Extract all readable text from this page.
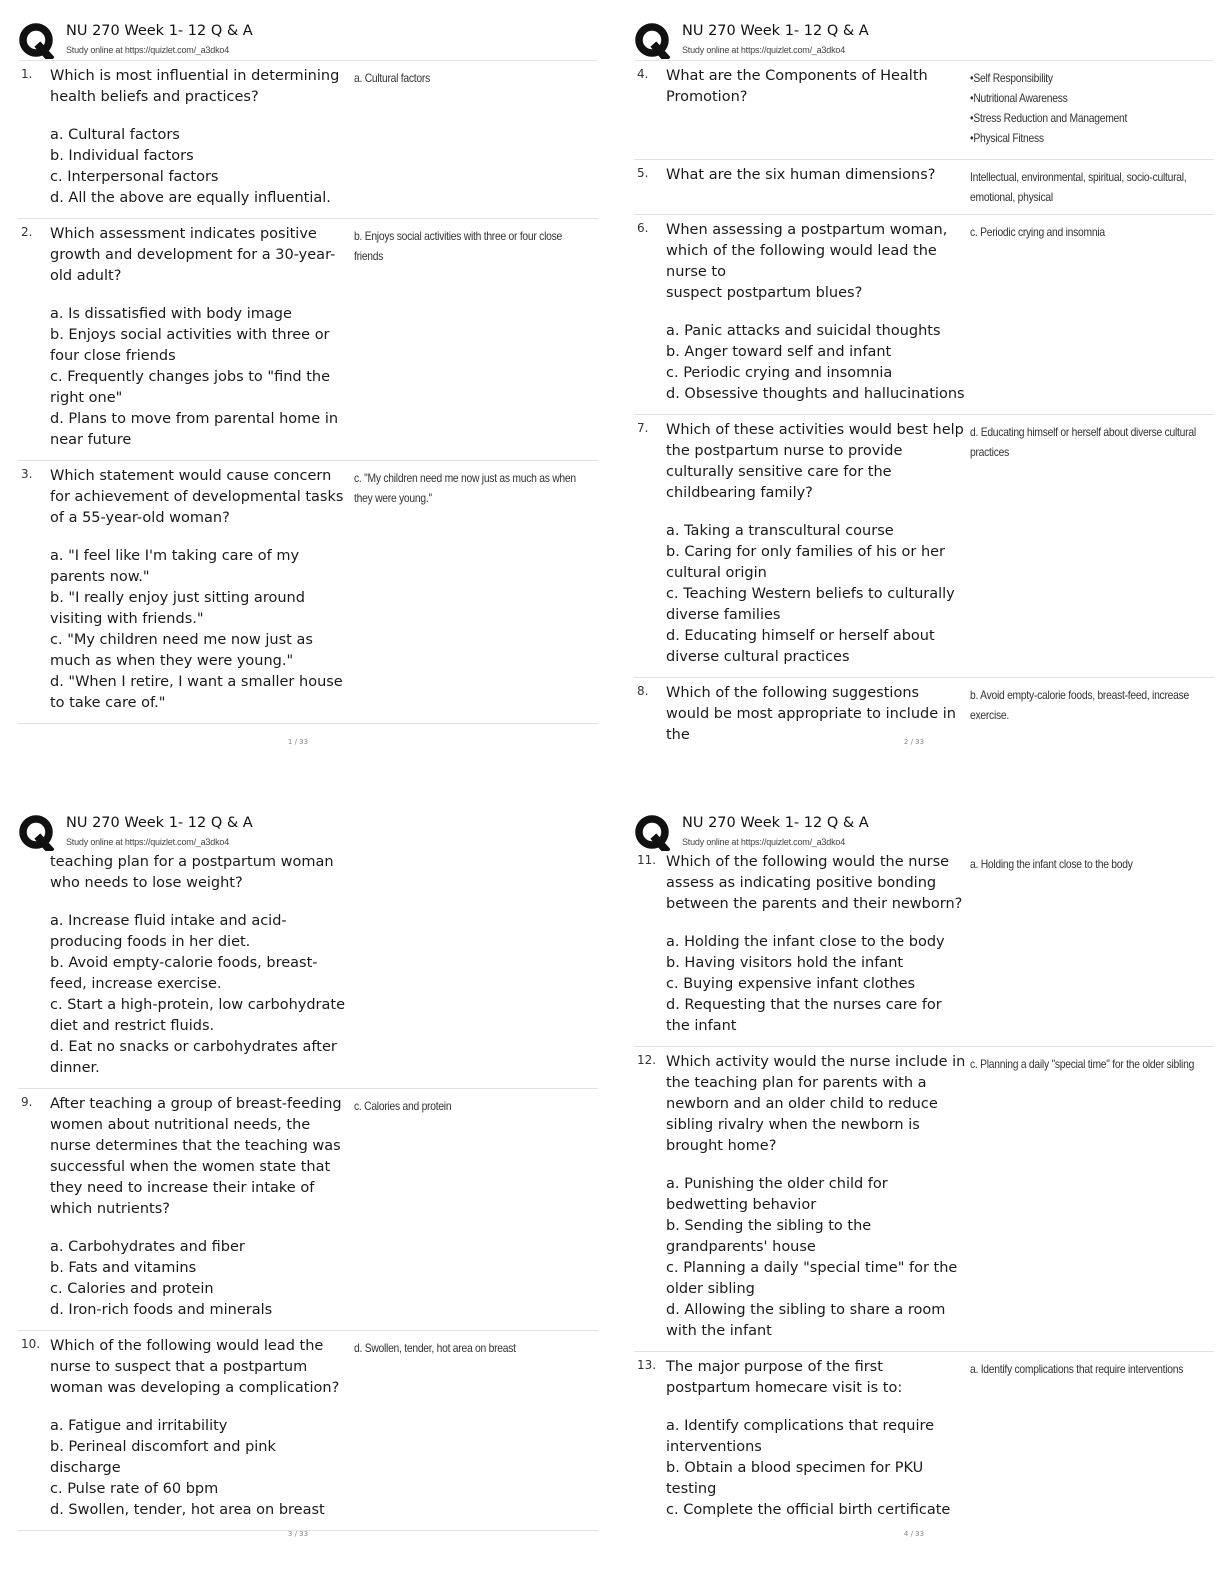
NU 270 Week 1- 12 Q & A
Study online at https://quizlet.com/_a3dko4
1. Which is most influential in determining health beliefs and practices?

a. Cultural factors

b. Individual factors

c. Interpersonal factors

d. All the above are equally influential.

a. Cultural factors
2. Which assessment indicates positive growth and development for a 30-year-old adult?

a. Is dissatisfied with body image

b. Enjoys social activities with three or four close friends

c. Frequently changes jobs to "find the right one"

d. Plans to move from parental home in near future

b. Enjoys social activities with three or four close friends
3. Which statement would cause concern for achievement of developmental tasks of a 55-year-old woman?

a. "I feel like I'm taking care of my parents now."

b. "I really enjoy just sitting around visiting with friends."

c. "My children need me now just as much as when they were young."

d. "When I retire, I want a smaller house to take care of."

c. "My children need me now just as much as when they were young."
1 / 33
NU 270 Week 1- 12 Q & A
Study online at https://quizlet.com/_a3dko4
4. What are the Components of Health Promotion?

•Self Responsibility
•Nutritional Awareness
•Stress Reduction and Management
•Physical Fitness
5. What are the six human dimensions?	Intellectual, environmental, spiritual, socio-cultural, emotional, physical
6. When assessing a postpartum woman, which of the following would lead the nurse to

suspect postpartum blues?

a. Panic attacks and suicidal thoughts

b. Anger toward self and infant

c. Periodic crying and insomnia

d. Obsessive thoughts and hallucinations

c. Periodic crying and insomnia
7. Which of these activities would best help the postpartum nurse to provide culturally sensitive care for the childbearing family?

a. Taking a transcultural course

b. Caring for only families of his or her cultural origin

c. Teaching Western beliefs to culturally diverse families

d. Educating himself or herself about diverse cultural practices

d. Educating himself or herself about diverse cultural practices
8. Which of the following suggestions would be most appropriate to include in the

b. Avoid empty-calorie foods, breast-feed, increase exercise.
2 / 33
NU 270 Week 1- 12 Q & A
Study online at https://quizlet.com/_a3dko4

teaching plan for a postpartum woman who needs to lose weight?

a. Increase fluid intake and acid-producing foods in her diet.

b. Avoid empty-calorie foods, breast-feed, increase exercise.

c. Start a high-protein, low carbohydrate diet and restrict fluids.

d. Eat no snacks or carbohydrates after dinner.

9. After teaching a group of breast-feeding women about nutritional needs, the nurse determines that the teaching was successful when the women state that they need to increase their intake of which nutrients?

a. Carbohydrates and fiber

b. Fats and vitamins

c. Calories and protein

d. Iron-rich foods and minerals

c. Calories and protein
10. Which of the following would lead the nurse to suspect that a postpartum woman was developing a complication?

a. Fatigue and irritability

b. Perineal discomfort and pink discharge

c. Pulse rate of 60 bpm

d. Swollen, tender, hot area on breast

d. Swollen, tender, hot area on breast
3 / 33
NU 270 Week 1- 12 Q & A
Study online at https://quizlet.com/_a3dko4
11. Which of the following would the nurse assess as indicating positive bonding between the parents and their newborn?

a. Holding the infant close to the body

b. Having visitors hold the infant

c. Buying expensive infant clothes

d. Requesting that the nurses care for the infant

a. Holding the infant close to the body
12. Which activity would the nurse include in the teaching plan for parents with a newborn and an older child to reduce sibling rivalry when the newborn is brought home?

a. Punishing the older child for bedwetting behavior

b. Sending the sibling to the grandparents' house

c. Planning a daily "special time" for the older sibling

d. Allowing the sibling to share a room with the infant

c. Planning a daily "special time" for the older sibling
13. The major purpose of the first postpartum homecare visit is to:

a. Identify complications that require interventions

b. Obtain a blood specimen for PKU testing

c. Complete the official birth certificate

a. Identify complications that require interventions
4 / 33
